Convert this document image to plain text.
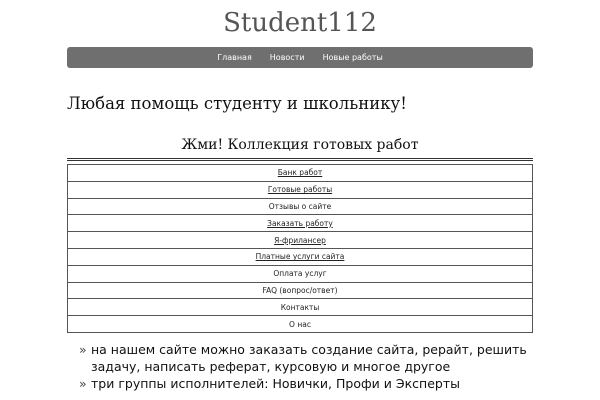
Student112
Главная	Новости	Новые работы
Любая помощь студенту и школьнику!
Жми! Коллекция готовых работ
Банк работ
Готовые работы
Отзывы о сайте
Заказать работу
Я-фрилансер
Платные услуги сайта
Оплата услуг
FAQ (вопрос/ответ)
Контакты
О нас
» на нашем сайте можно заказать создание сайта, рерайт, решить задачу, написать реферат, курсовую и многое другое
» три группы исполнителей: Новички, Профи и Эксперты
